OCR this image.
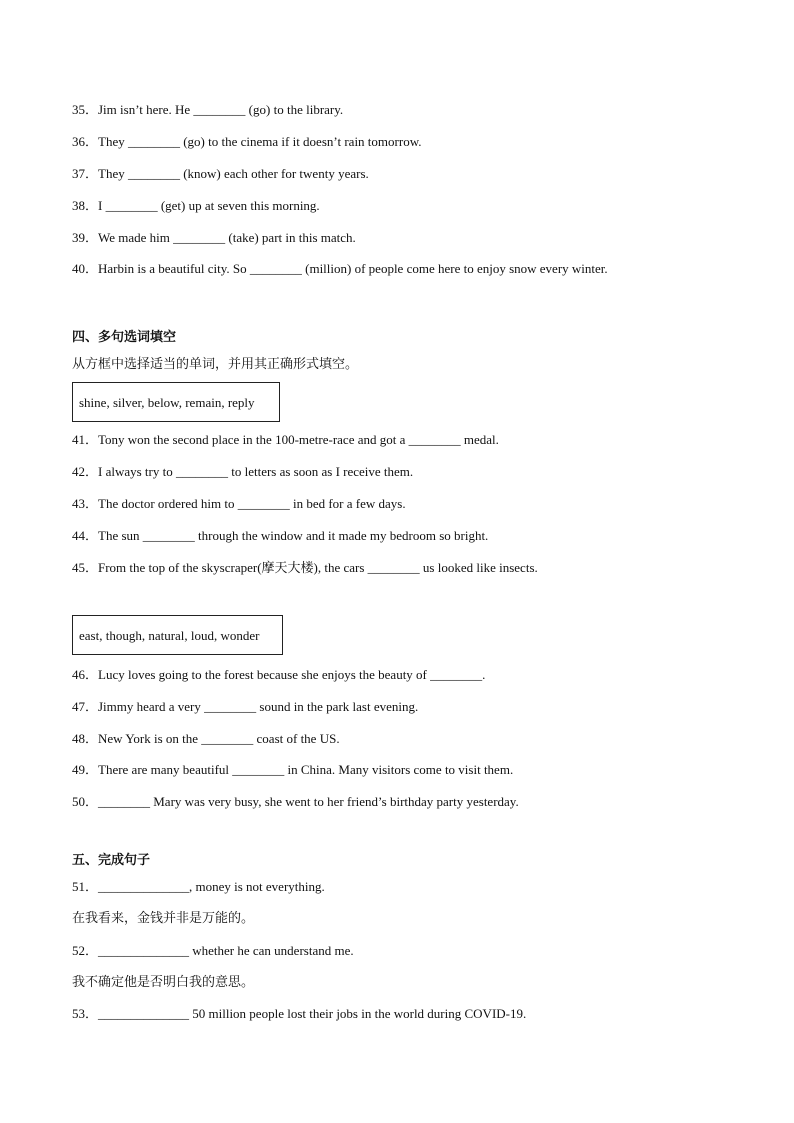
35．Jim isn’t here. He ________ (go) to the library.
36．They ________ (go) to the cinema if it doesn’t rain tomorrow.
37．They ________ (know) each other for twenty years.
38．I ________ (get) up at seven this morning.
39．We made him ________ (take) part in this match.
40．Harbin is a beautiful city. So ________ (million) of people come here to enjoy snow every winter.
四、多句选词填空
从方框中选择适当的单词，并用其正确形式填空。
shine, silver, below, remain, reply
41．Tony won the second place in the 100-metre-race and got a ________ medal.
42．I always try to ________ to letters as soon as I receive them.
43．The doctor ordered him to ________ in bed for a few days.
44．The sun ________ through the window and it made my bedroom so bright.
45．From the top of the skyscraper(摩天大楼), the cars ________ us looked like insects.
east, though, natural, loud, wonder
46．Lucy loves going to the forest because she enjoys the beauty of ________.
47．Jimmy heard a very ________ sound in the park last evening.
48．New York is on the ________ coast of the US.
49．There are many beautiful ________ in China. Many visitors come to visit them.
50．________ Mary was very busy, she went to her friend’s birthday party yesterday.
五、完成句子
51．______________, money is not everything.
在我看来，金钱并非是万能的。
52．______________ whether he can understand me.
我不确定他是否明白我的意思。
53．______________ 50 million people lost their jobs in the world during COVID-19.
